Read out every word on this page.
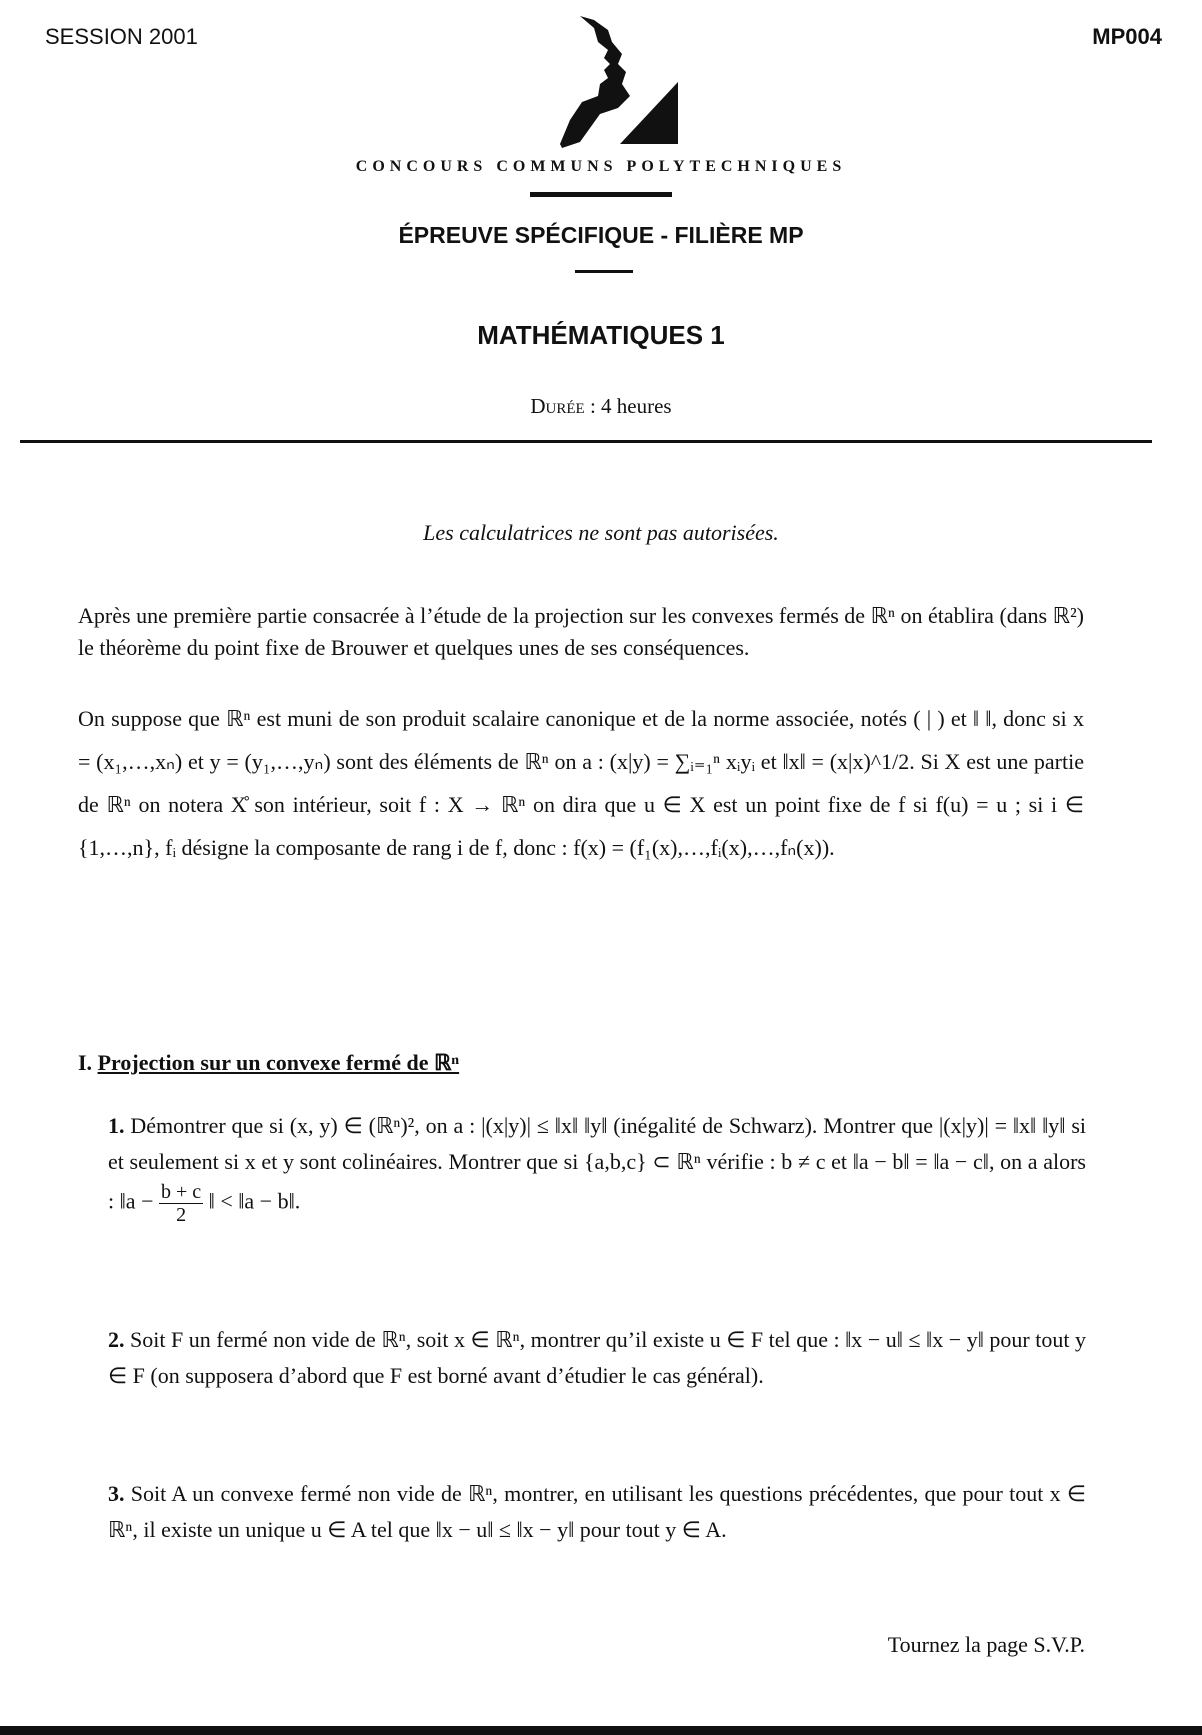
SESSION 2001	MP004
CONCOURS COMMUNS POLYTECHNIQUES
ÉPREUVE SPÉCIFIQUE - FILIÈRE MP
MATHÉMATIQUES 1
Durée : 4 heures
Les calculatrices ne sont pas autorisées.
Après une première partie consacrée à l’étude de la projection sur les convexes fermés de ℝⁿ on établira (dans ℝ²) le théorème du point fixe de Brouwer et quelques unes de ses conséquences.
On suppose que ℝⁿ est muni de son produit scalaire canonique et de la norme associée, notés ( | ) et ‖ ‖, donc si x = (x₁,…,xₙ) et y = (y₁,…,yₙ) sont des éléments de ℝⁿ on a : (x|y) = ∑ᵢ₌₁ⁿ xᵢyᵢ et ‖x‖ = (x|x)^1/2. Si X est une partie de ℝⁿ on notera X̊ son intérieur, soit f : X → ℝⁿ on dira que u ∈ X est un point fixe de f si f(u) = u ; si i ∈ {1,…,n}, fᵢ désigne la composante de rang i de f, donc : f(x) = (f₁(x),…,fᵢ(x),…,fₙ(x)).
I. Projection sur un convexe fermé de ℝⁿ
1. Démontrer que si (x, y) ∈ (ℝⁿ)², on a : |(x|y)| ≤ ‖x‖ ‖y‖ (inégalité de Schwarz). Montrer que |(x|y)| = ‖x‖ ‖y‖ si et seulement si x et y sont colinéaires. Montrer que si {a,b,c} ⊂ ℝⁿ vérifie : b ≠ c et ‖a − b‖ = ‖a − c‖, on a alors : ‖a − $\frac{b + c}{2}$ ‖ < ‖a − b‖.
2. Soit F un fermé non vide de ℝⁿ, soit x ∈ ℝⁿ, montrer qu’il existe u ∈ F tel que : ‖x − u‖ ≤ ‖x − y‖ pour tout y ∈ F (on supposera d’abord que F est borné avant d’étudier le cas général).
3. Soit A un convexe fermé non vide de ℝⁿ, montrer, en utilisant les questions précédentes, que pour tout x ∈ ℝⁿ, il existe un unique u ∈ A tel que ‖x − u‖ ≤ ‖x − y‖ pour tout y ∈ A.
Tournez la page S.V.P.
